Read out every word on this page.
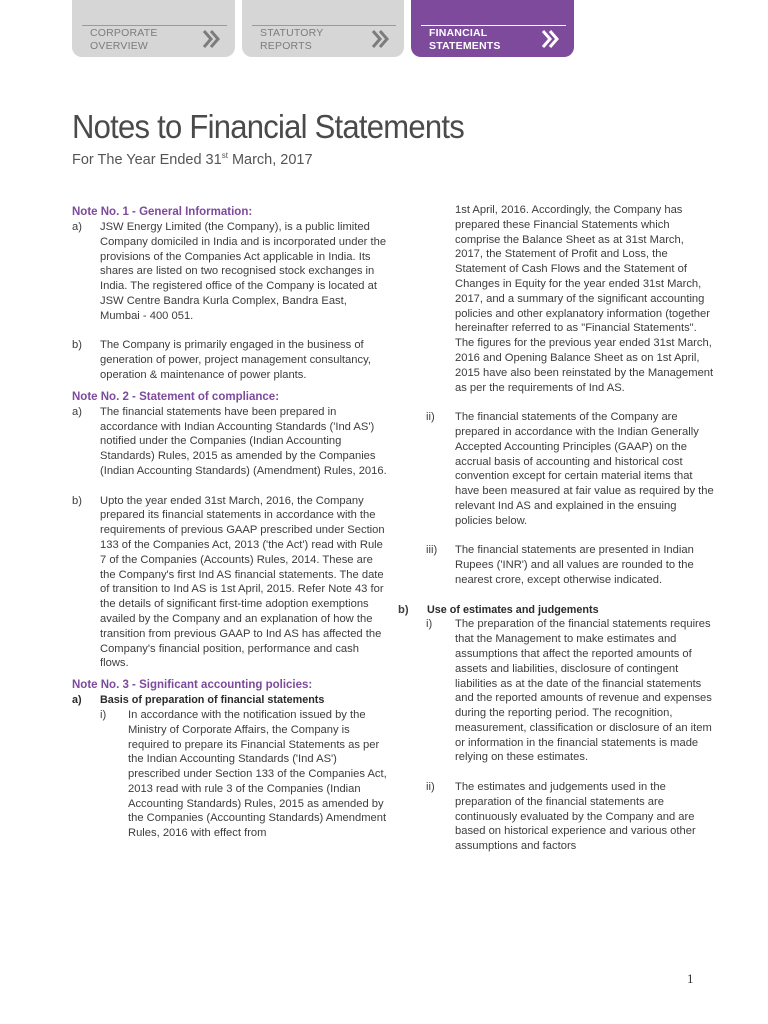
CORPORATE
OVERVIEW
STATUTORY
REPORTS
FINANCIAL
STATEMENTS
Notes to Financial Statements
For The Year Ended 31st March, 2017

Note No. 1 - General Information:

a) JSW Energy Limited (the Company), is a public limited Company domiciled in India and is incorporated under the provisions of the Companies Act applicable in India. Its shares are listed on two recognised stock exchanges in India. The registered office of the Company is located at JSW Centre Bandra Kurla Complex, Bandra East, Mumbai - 400 051.
b) The Company is primarily engaged in the business of generation of power, project management consultancy, operation & maintenance of power plants.

Note No. 2 - Statement of compliance:

a) The financial statements have been prepared in accordance with Indian Accounting Standards ('Ind AS') notified under the Companies (Indian Accounting Standards) Rules, 2015 as amended by the Companies (Indian Accounting Standards) (Amendment) Rules, 2016.
b) Upto the year ended 31st March, 2016, the Company prepared its financial statements in accordance with the requirements of previous GAAP prescribed under Section 133 of the Companies Act, 2013 ('the Act') read with Rule 7 of the Companies (Accounts) Rules, 2014. These are the Company's first Ind AS financial statements. The date of transition to Ind AS is 1st April, 2015. Refer Note 43 for the details of significant first-time adoption exemptions availed by the Company and an explanation of how the transition from previous GAAP to Ind AS has affected the Company's financial position, performance and cash flows.

Note No. 3 - Significant accounting policies:

a) Basis of preparation of financial statements
i) In accordance with the notification issued by the Ministry of Corporate Affairs, the Company is required to prepare its Financial Statements as per the Indian Accounting Standards ('Ind AS') prescribed under Section 133 of the Companies Act, 2013 read with rule 3 of the Companies (Indian Accounting Standards) Rules, 2015 as amended by the Companies (Accounting Standards) Amendment Rules, 2016 with effect from
1st April, 2016. Accordingly, the Company has prepared these Financial Statements which comprise the Balance Sheet as at 31st March, 2017, the Statement of Profit and Loss, the Statement of Cash Flows and the Statement of Changes in Equity for the year ended 31st March, 2017, and a summary of the significant accounting policies and other explanatory information (together hereinafter referred to as "Financial Statements". The figures for the previous year ended 31st March, 2016 and Opening Balance Sheet as on 1st April, 2015 have also been reinstated by the Management as per the requirements of Ind AS.
ii) The financial statements of the Company are prepared in accordance with the Indian Generally Accepted Accounting Principles (GAAP) on the accrual basis of accounting and historical cost convention except for certain material items that have been measured at fair value as required by the relevant Ind AS and explained in the ensuing policies below.
iii) The financial statements are presented in Indian Rupees ('INR') and all values are rounded to the nearest crore, except otherwise indicated.
b) Use of estimates and judgements
i) The preparation of the financial statements requires that the Management to make estimates and assumptions that affect the reported amounts of assets and liabilities, disclosure of contingent liabilities as at the date of the financial statements and the reported amounts of revenue and expenses during the reporting period. The recognition, measurement, classification or disclosure of an item or information in the financial statements is made relying on these estimates.
ii) The estimates and judgements used in the preparation of the financial statements are continuously evaluated by the Company and are based on historical experience and various other assumptions and factors
1
